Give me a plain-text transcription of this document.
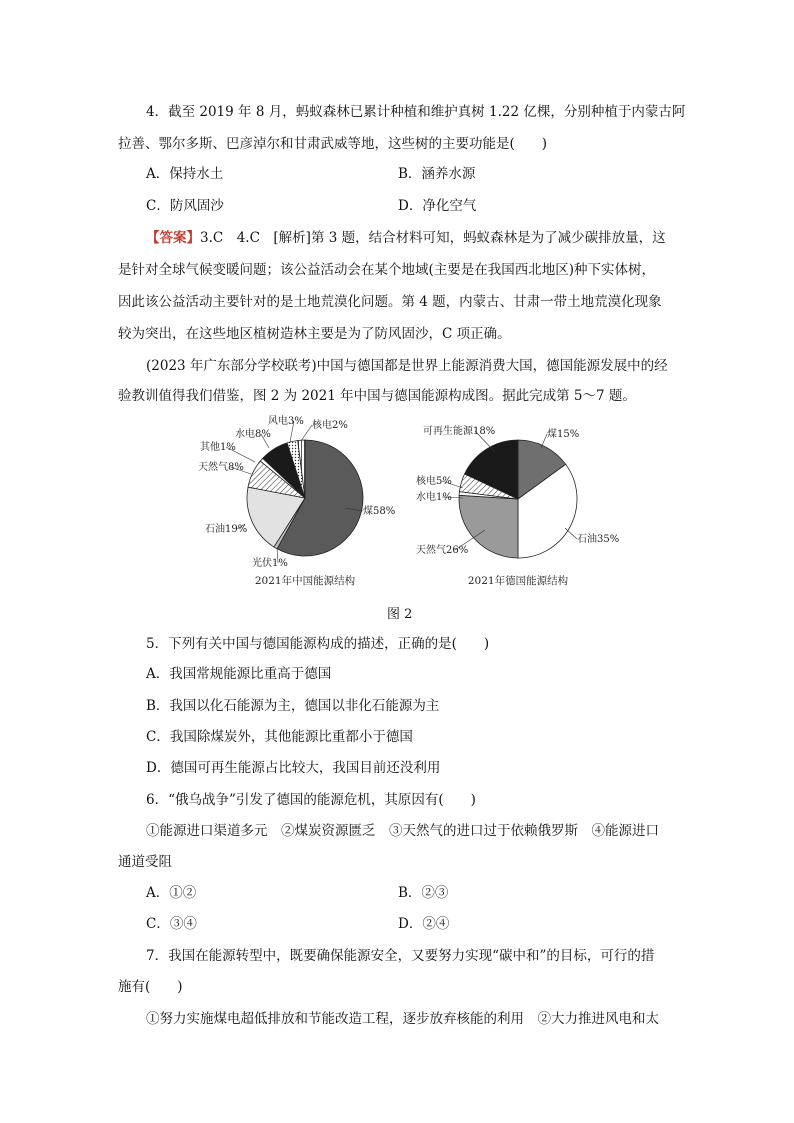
4．截至 2019 年 8 月，蚂蚁森林已累计种植和维护真树 1.22 亿棵，分别种植于内蒙古阿
拉善、鄂尔多斯、巴彦淖尔和甘肃武威等地，这些树的主要功能是(　　)
A．保持水土	B．涵养水源
C．防风固沙	D．净化空气
【答案】3.C　4.C　[解析]第 3 题，结合材料可知，蚂蚁森林是为了减少碳排放量，这
是针对全球气候变暖问题；该公益活动会在某个地域(主要是在我国西北地区)种下实体树，
因此该公益活动主要针对的是土地荒漠化问题。第 4 题，内蒙古、甘肃一带土地荒漠化现象
较为突出，在这些地区植树造林主要是为了防风固沙，C 项正确。
(2023 年广东部分学校联考)中国与德国都是世界上能源消费大国，德国能源发展中的经
验教训值得我们借鉴，图 2 为 2021 年中国与德国能源构成图。据此完成第 5～7 题。
煤58%
光伏1%
石油19%
天然气8%
其他1%
水电8%
风电3% 核电2%
2021年中国能源结构
煤15%
石油35%
天然气26%
水电1%
核电5%
可再生能源18%
2021年德国能源结构
图 2
5．下列有关中国与德国能源构成的描述，正确的是(　　)
A．我国常规能源比重高于德国
B．我国以化石能源为主，德国以非化石能源为主
C．我国除煤炭外，其他能源比重都小于德国
D．德国可再生能源占比较大，我国目前还没利用
6．“俄乌战争”引发了德国的能源危机，其原因有(　　)
①能源进口渠道多元　②煤炭资源匮乏　③天然气的进口过于依赖俄罗斯　④能源进口
通道受阻
A．①②	B．②③
C．③④	D．②④
7．我国在能源转型中，既要确保能源安全，又要努力实现“碳中和”的目标，可行的措
施有(　　)
①努力实施煤电超低排放和节能改造工程，逐步放弃核能的利用　②大力推进风电和太
